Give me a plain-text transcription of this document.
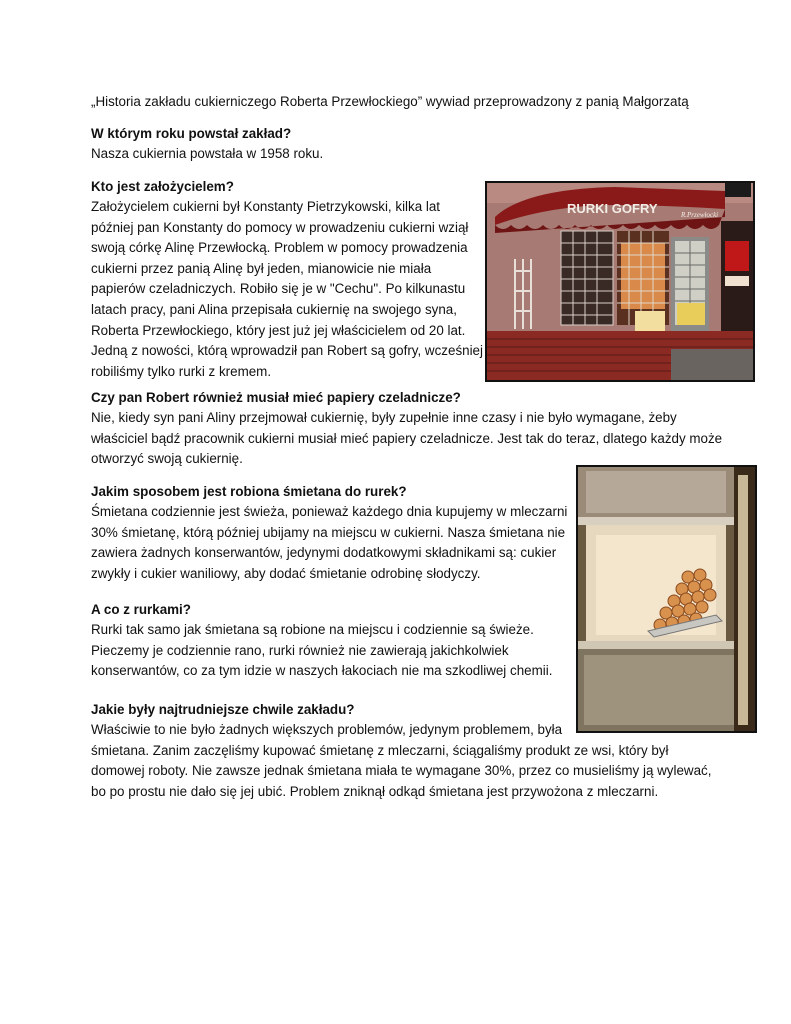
„Historia zakładu cukierniczego Roberta Przewłockiego” wywiad przeprowadzony z panią Małgorzatą

W którym roku powstał zakład?

Nasza cukiernia powstała w 1958 roku.

Kto jest założycielem?

Założycielem cukierni był Konstanty Pietrzykowski, kilka lat

później pan Konstanty do pomocy w prowadzeniu cukierni wziął

swoją córkę Alinę Przewłocką. Problem w pomocy prowadzenia

cukierni przez panią Alinę był jeden, mianowicie nie miała

papierów czeladniczych. Robiło się je w "Cechu". Po kilkunastu

latach pracy, pani Alina przepisała cukiernię na swojego syna,

Roberta Przewłockiego, który jest już jej właścicielem od 20 lat.

Jedną z nowości, którą wprowadził pan Robert są gofry, wcześniej

robiliśmy tylko rurki z kremem.

Czy pan Robert również musiał mieć papiery czeladnicze?

Nie, kiedy syn pani Aliny przejmował cukiernię, były zupełnie inne czasy i nie było wymagane, żeby

właściciel bądź pracownik cukierni musiał mieć papiery czeladnicze. Jest tak do teraz, dlatego każdy może

otworzyć swoją cukiernię.

Jakim sposobem jest robiona śmietana do rurek?

Śmietana codziennie jest świeża, ponieważ każdego dnia kupujemy w mleczarni

30% śmietanę, którą później ubijamy na miejscu w cukierni. Nasza śmietana nie

zawiera żadnych konserwantów, jedynymi dodatkowymi składnikami są: cukier

zwykły i cukier waniliowy, aby dodać śmietanie odrobinę słodyczy.

A co z rurkami?

Rurki tak samo jak śmietana są robione na miejscu i codziennie są świeże.

Pieczemy je codziennie rano, rurki również nie zawierają jakichkolwiek

konserwantów, co za tym idzie w naszych łakociach nie ma szkodliwej chemii.

Jakie były najtrudniejsze chwile zakładu?

Właściwie to nie było żadnych większych problemów, jedynym problemem, była

śmietana. Zanim zaczęliśmy kupować śmietanę z mleczarni, ściągaliśmy produkt ze wsi, który był

domowej roboty. Nie zawsze jednak śmietana miała te wymagane 30%, przez co musieliśmy ją wylewać,

bo po prostu nie dało się jej ubić. Problem zniknął odkąd śmietana jest przywożona z mleczarni.

RURKI GOFRY	R.Przewłocki
